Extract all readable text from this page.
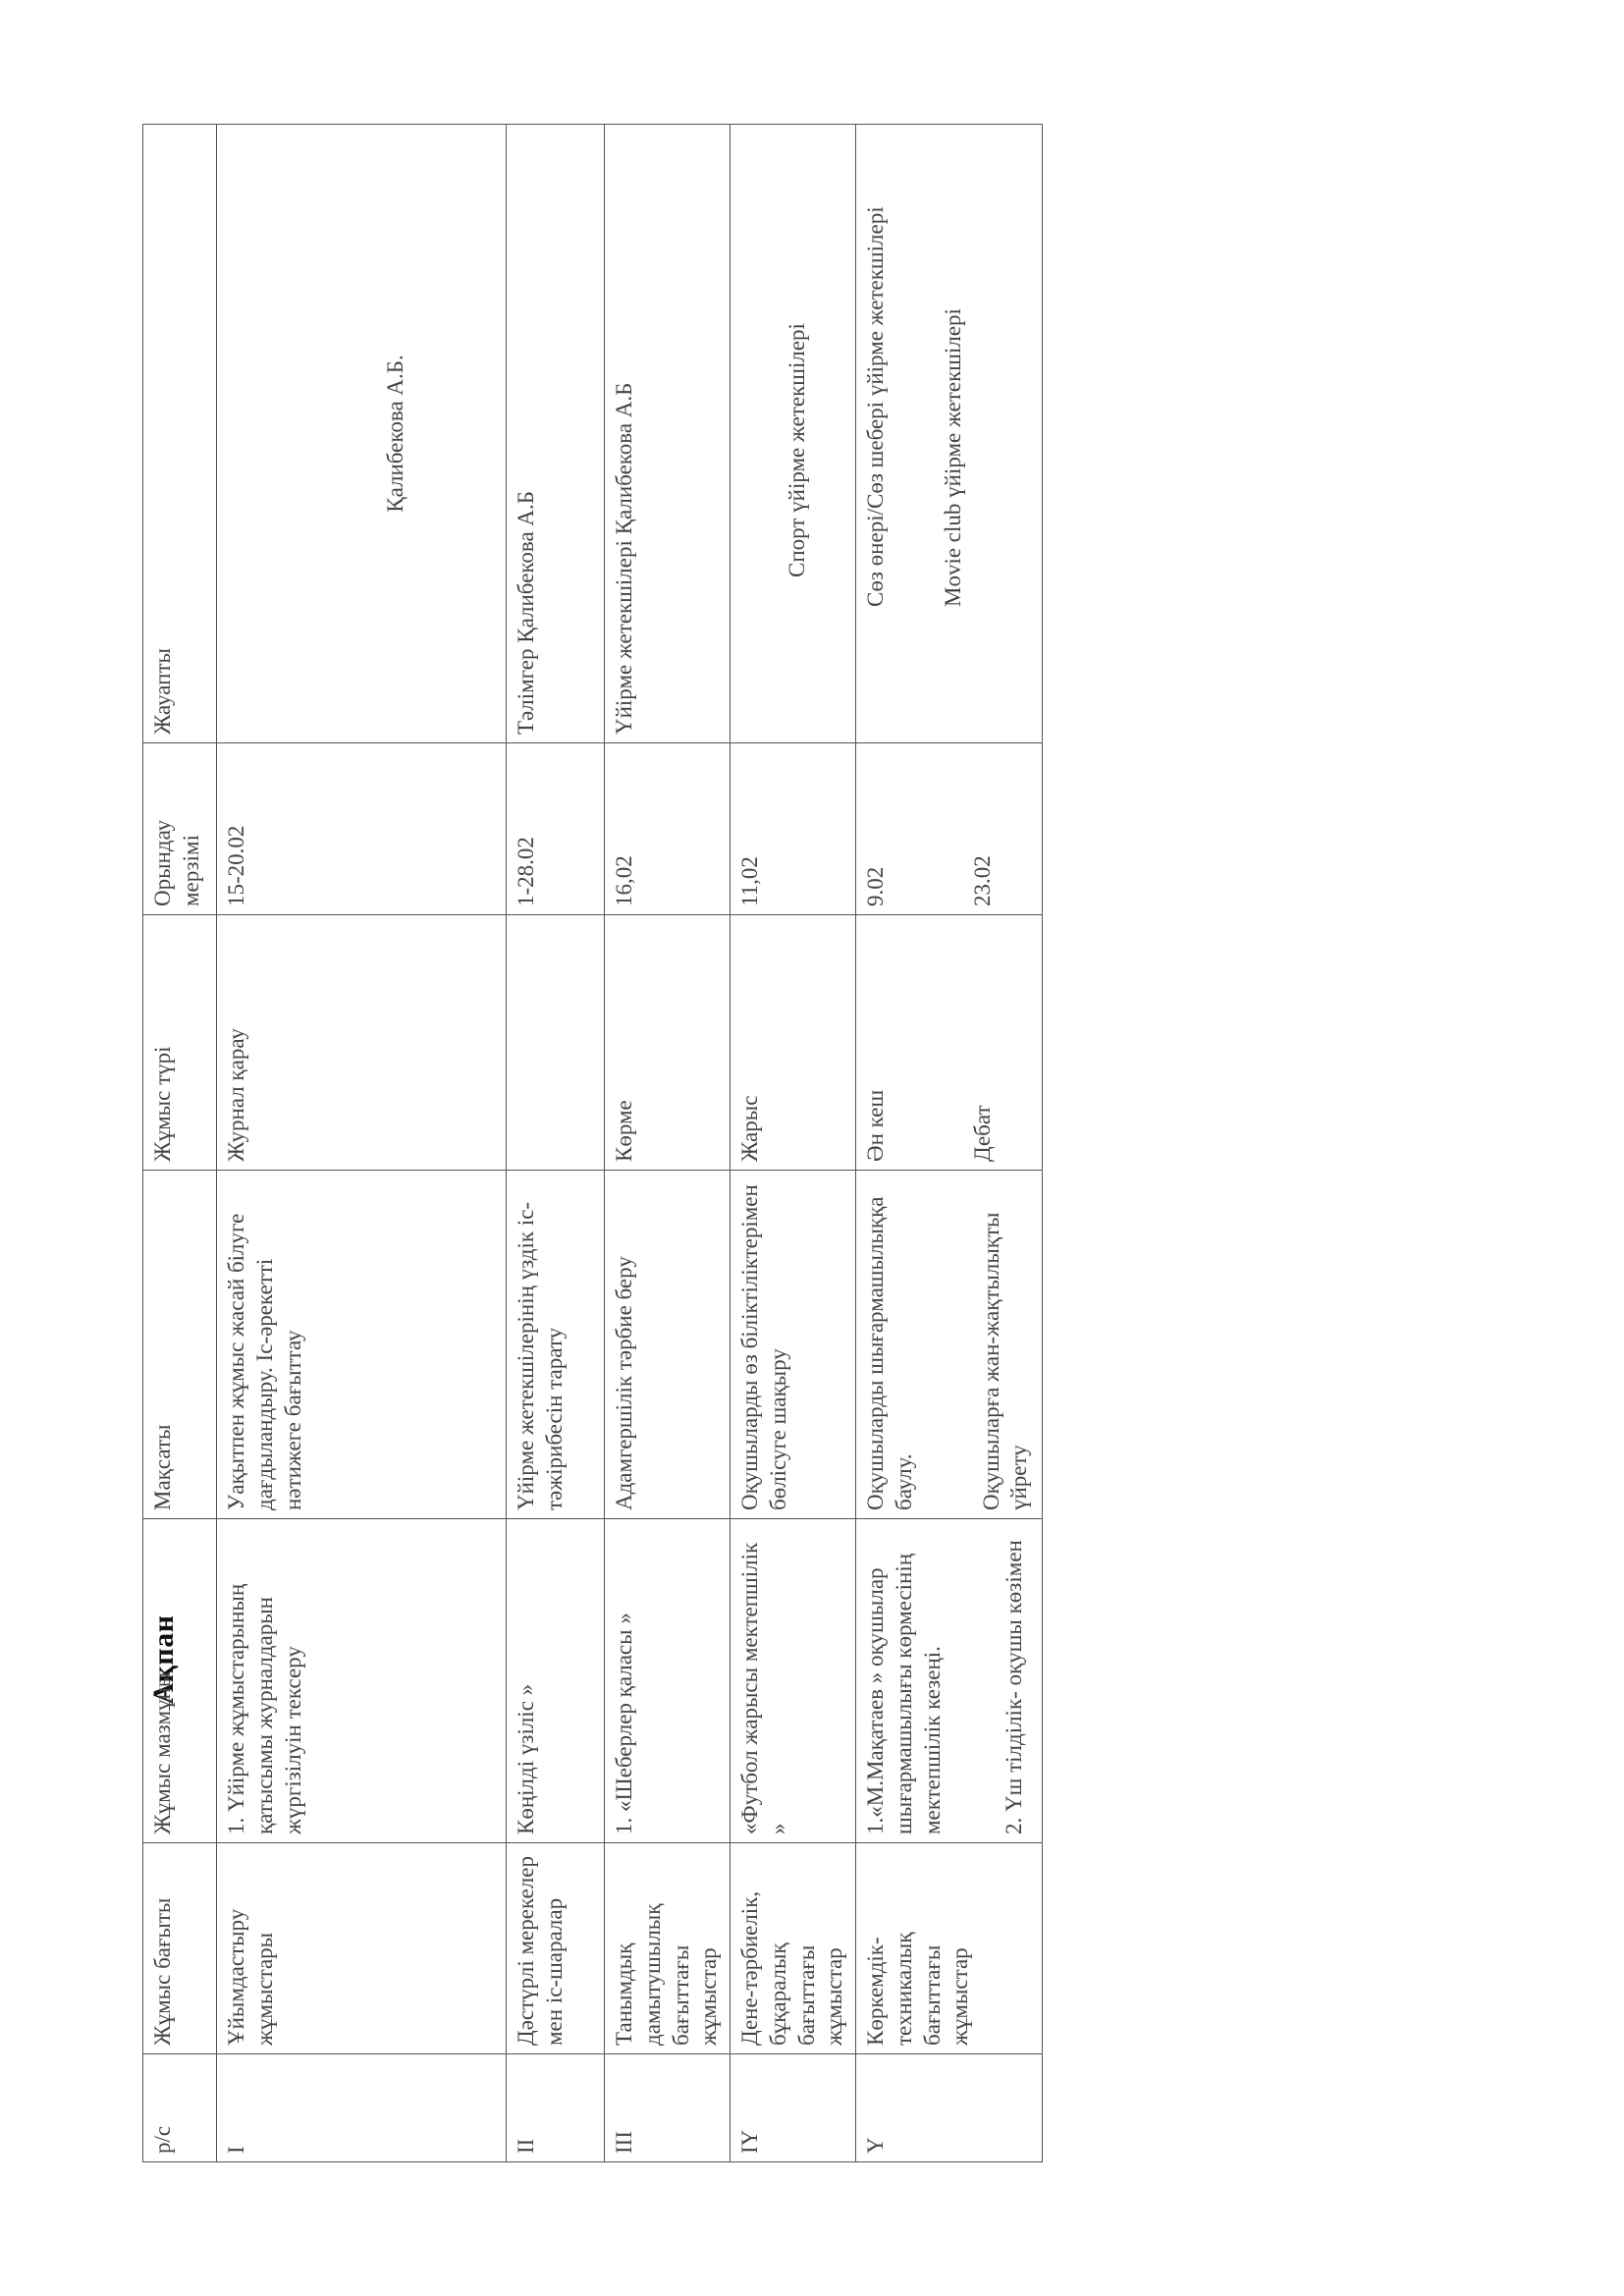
Ақпан
р/с	Жұмыс бағыты	Жұмыс мазмұны	Мақсаты	Жұмыс түрі	Орындау мерзімі	Жауапты
I	Ұйымдастыру жұмыстары	1. Үйірме жұмыстарының қатысымы журналдарын жүргізілуін тексеру	Уақытпен жұмыс жасай білуге дағдыландыру. Іс-әрекетті нәтижеге бағыттау	Журнал қарау	15-20.02	Қалибекова А.Б.
II	Дәстүрлі мерекелер мен іс-шаралар	Көңілді үзіліс »	Үйірме жетекшілерінің үздік іс-тәжірибесін тарату		1-28.02	Тәлімгер Қалибекова А.Б
III	Танымдық дамытушылық бағыттағы жұмыстар	1. «Шеберлер қаласы »	Адамгершілік тәрбие беру	Көрме	16,02	Үйірме жетекшілері Қалибекова А.Б
IY	Дене-тәрбиелік, бұқаралық бағыттағы жұмыстар	«Футбол жарысы мектепшілік »	Оқушыларды өз біліктіліктерімен бөлісуге шақыру	Жарыс	11,02	Спорт үйірме жетекшілері

Y	Көркемдік-техникалық бағыттағы жұмыстар	1.«М.Мақатаев » оқушылар шығармашылығы көрмесінің мектепшілік кезеңі. 2. Үш тілділік- оқушы көзімен	Оқушыларды шығармашылыққа баулу. Оқушыларға жан-жақтылықты үйрету	Ән кеш Дебат	9.02 23.02	Сөз өнері/Сөз шебері үйірме жетекшілері Movie club үйірме жетекшілері
